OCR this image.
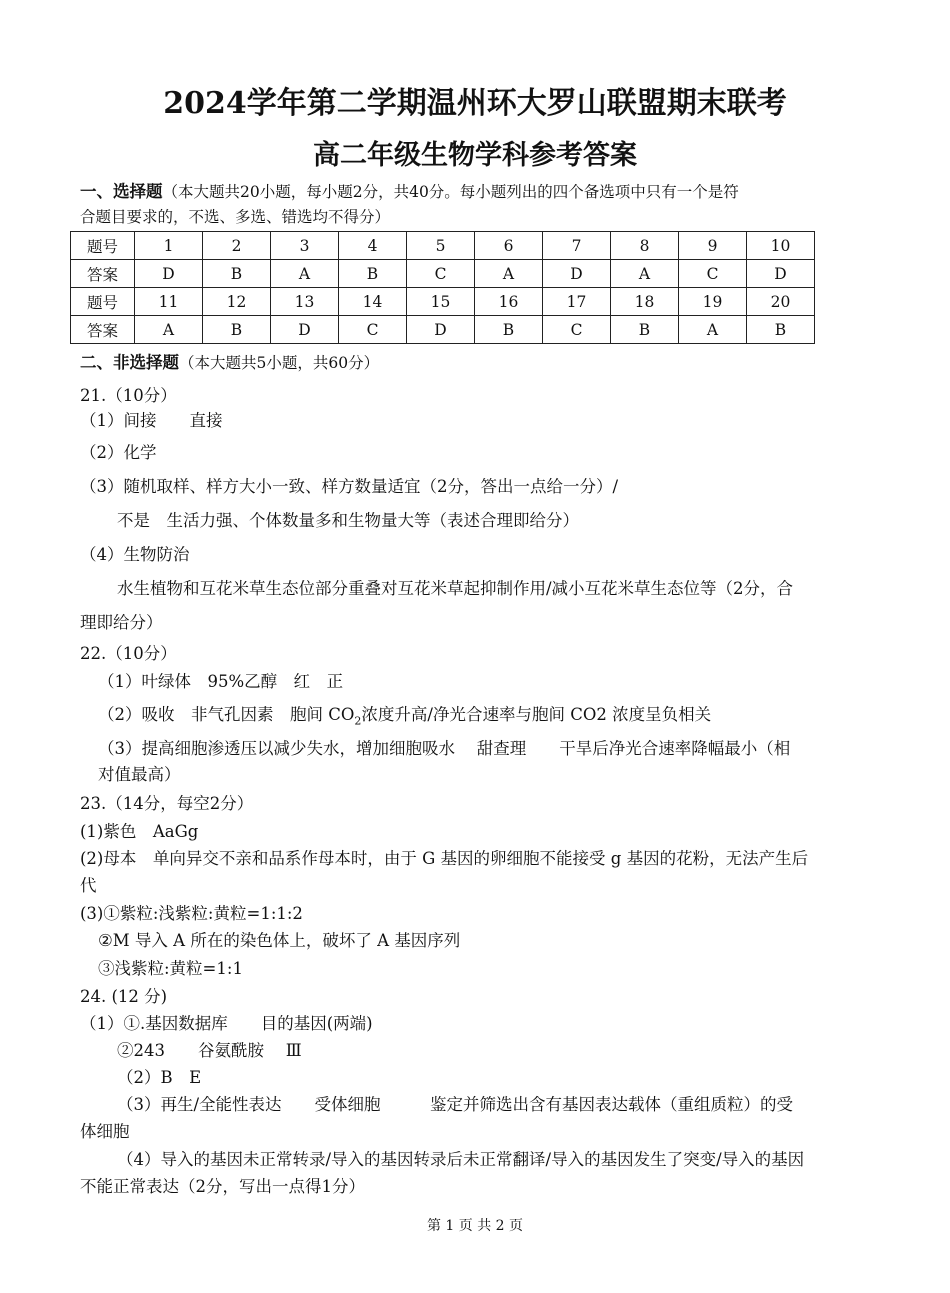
2024学年第二学期温州环大罗山联盟期末联考
高二年级生物学科参考答案
一、选择题（本大题共20小题，每小题2分，共40分。每小题列出的四个备选项中只有一个是符
合题目要求的，不选、多选、错选均不得分）
题号	1	2	3	4	5	6	7	8	9	10
答案	D	B	A	B	C	A	D	A	C	D
题号	11	12	13	14	15	16	17	18	19	20
答案	A	B	D	C	D	B	C	B	A	B
二、非选择题（本大题共5小题，共60分）
21.（10分）
（1）间接　　直接
（2）化学
（3）随机取样、样方大小一致、样方数量适宜（2分，答出一点给一分）/
不是　生活力强、个体数量多和生物量大等（表述合理即给分）
（4）生物防治
水生植物和互花米草生态位部分重叠对互花米草起抑制作用/减小互花米草生态位等（2分，合
理即给分）
22.（10分）
（1）叶绿体　95%乙醇　红　正
（2）吸收　非气孔因素　胞间 $CO_2$浓度升高/净光合速率与胞间 CO2 浓度呈负相关
（3）提高细胞渗透压以减少失水，增加细胞吸水　 甜查理　　干旱后净光合速率降幅最小（相
对值最高）
23.（14分，每空2分）
(1)紫色　AaGg
(2)母本　单向异交不亲和品系作母本时，由于 G 基因的卵细胞不能接受 g 基因的花粉，无法产生后
代
(3)①紫粒:浅紫粒:黄粒=1:1:2
②M 导入 A 所在的染色体上，破坏了 A 基因序列
③浅紫粒:黄粒=1:1
24. (12 分)
（1）①.基因数据库　　目的基因(两端)
②243　　谷氨酰胺　 Ⅲ
（2）B　E
（3）再生/全能性表达　　受体细胞　　　鉴定并筛选出含有基因表达载体（重组质粒）的受
体细胞
（4）导入的基因未正常转录/导入的基因转录后未正常翻译/导入的基因发生了突变/导入的基因
不能正常表达（2分，写出一点得1分）
第 1 页 共 2 页
